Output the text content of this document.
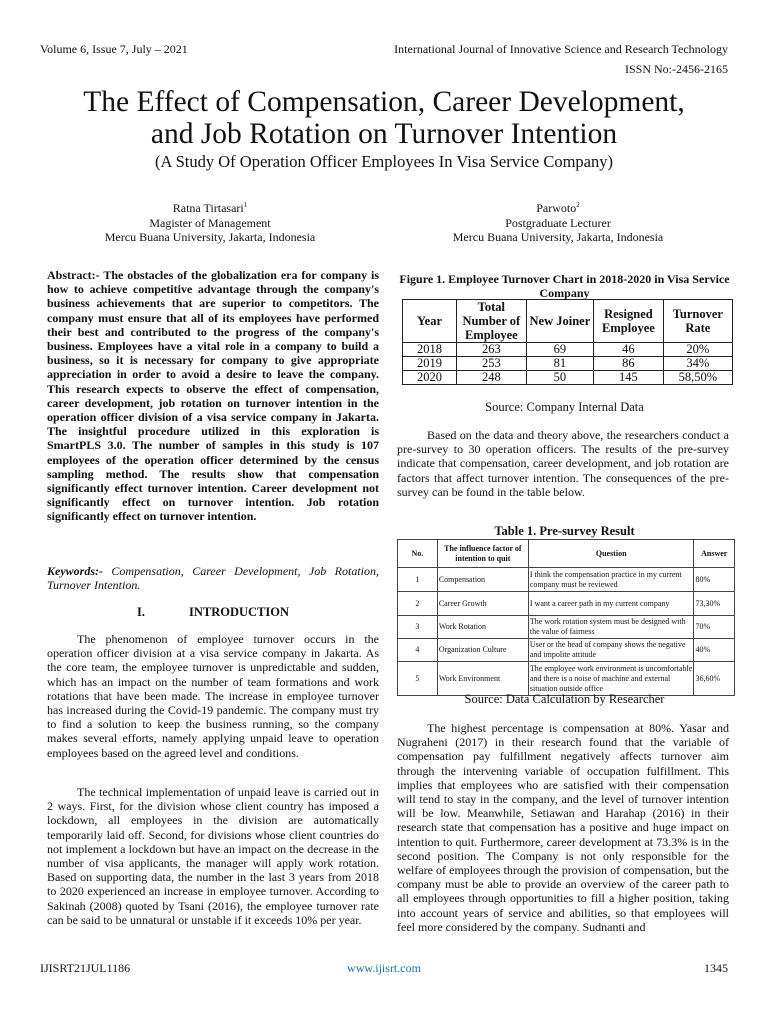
Volume 6, Issue 7, July – 2021	International Journal of Innovative Science and Research Technology
ISSN No:-2456-2165
The Effect of Compensation, Career Development,
and Job Rotation on Turnover Intention
(A Study Of Operation Officer Employees In Visa Service Company)
Ratna Tirtasari$^1$
Magister of Management
Mercu Buana University, Jakarta, Indonesia
Parwoto$^2$
Postgraduate Lecturer
Mercu Buana University, Jakarta, Indonesia
Abstract:- The obstacles of the globalization era for company is how to achieve competitive advantage through the company's business achievements that are superior to competitors. The company must ensure that all of its employees have performed their best and contributed to the progress of the company's business. Employees have a vital role in a company to build a business, so it is necessary for company to give appropriate appreciation in order to avoid a desire to leave the company. This research expects to observe the effect of compensation, career development, job rotation on turnover intention in the operation officer division of a visa service company in Jakarta. The insightful procedure utilized in this exploration is SmartPLS 3.0. The number of samples in this study is 107 employees of the operation officer determined by the census sampling method. The results show that compensation significantly effect turnover intention. Career development not significantly effect on turnover intention. Job rotation significantly effect on turnover intention.
Keywords:- Compensation, Career Development, Job Rotation, Turnover Intention.
I.	INTRODUCTION

The phenomenon of employee turnover occurs in the operation officer division at a visa service company in Jakarta. As the core team, the employee turnover is unpredictable and sudden, which has an impact on the number of team formations and work rotations that have been made. The increase in employee turnover has increased during the Covid-19 pandemic. The company must try to find a solution to keep the business running, so the company makes several efforts, namely applying unpaid leave to operation employees based on the agreed level and conditions.

The technical implementation of unpaid leave is carried out in 2 ways. First, for the division whose client country has imposed a lockdown, all employees in the division are automatically temporarily laid off. Second, for divisions whose client countries do not implement a lockdown but have an impact on the decrease in the number of visa applicants, the manager will apply work rotation. Based on supporting data, the number in the last 3 years from 2018 to 2020 experienced an increase in employee turnover. According to Sakinah (2008) quoted by Tsani (2016), the employee turnover rate can be said to be unnatural or unstable if it exceeds 10% per year.

Figure 1. Employee Turnover Chart in 2018-2020 in Visa Service Company
Year	Total Number of Employee	New Joiner	Resigned Employee	Turnover Rate
2018	263	69	46	20%
2019	253	81	86	34%
2020	248	50	145	58,50%
Source: Company Internal Data

Based on the data and theory above, the researchers conduct a pre-survey to 30 operation officers. The results of the pre-survey indicate that compensation, career development, and job rotation are factors that affect turnover intention. The consequences of the pre-survey can be found in the table below.

Table 1. Pre-survey Result
No.	The influence factor of intention to quit	Question	Answer
1	Compensation	I think the compensation practice in my current company must be reviewed	80%
2	Career Growth	I want a career path in my current company	73,30%
3	Work Rotation	The work rotation system must be designed with the value of fairness	70%
4	Organization Culture	User or the head of company shows the negative and impolite attitude	40%
5	Work Environment	The employee work environment is uncomfortable and there is a noise of machine and external situation outside office	36,60%
Source: Data Calculation by Researcher

The highest percentage is compensation at 80%. Yasar and Nugraheni (2017) in their research found that the variable of compensation pay fulfillment negatively affects turnover aim through the intervening variable of occupation fulfillment. This implies that employees who are satisfied with their compensation will tend to stay in the company, and the level of turnover intention will be low. Meanwhile, Setiawan and Harahap (2016) in their research state that compensation has a positive and huge impact on intention to quit. Furthermore, career development at 73.3% is in the second position. The Company is not only responsible for the welfare of employees through the provision of compensation, but the company must be able to provide an overview of the career path to all employees through opportunities to fill a higher position, taking into account years of service and abilities, so that employees will feel more considered by the company. Sudnanti and

IJISRT21JUL1186	www.ijisrt.com	1345
